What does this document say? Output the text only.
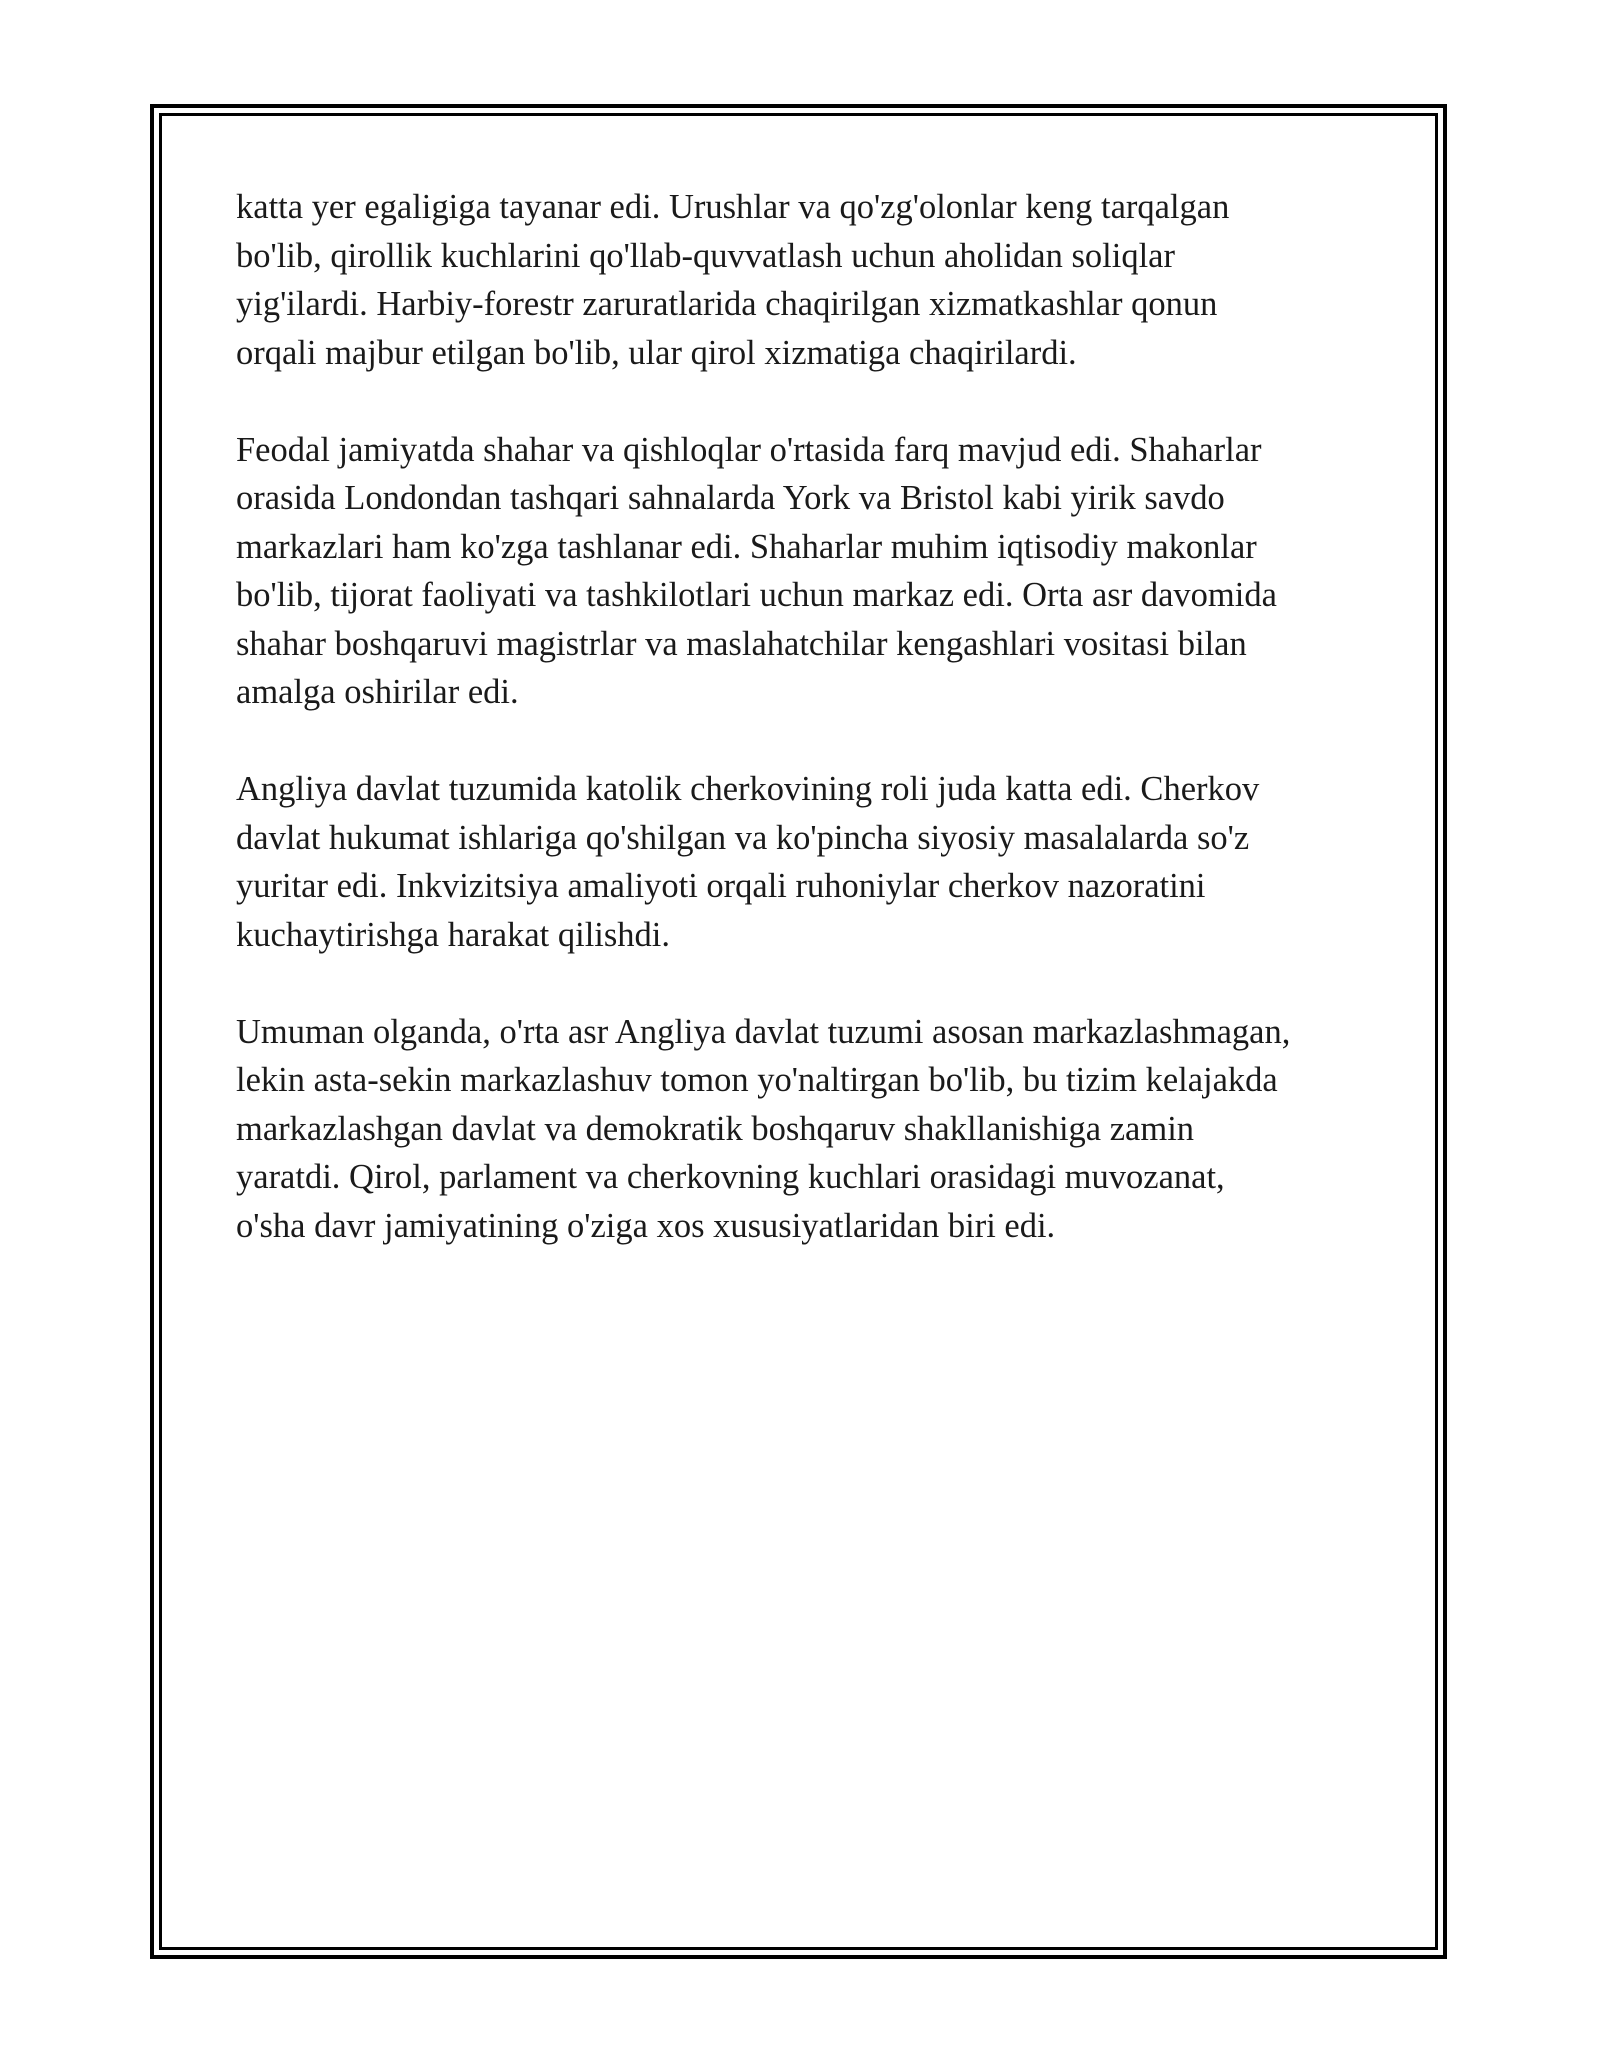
katta yer egaligiga tayanar edi. Urushlar va qo'zg'olonlar keng tarqalgan
bo'lib, qirollik kuchlarini qo'llab-quvvatlash uchun aholidan soliqlar
yig'ilardi. Harbiy-forestr zaruratlarida chaqirilgan xizmatkashlar qonun
orqali majbur etilgan bo'lib, ular qirol xizmatiga chaqirilardi.

Feodal jamiyatda shahar va qishloqlar o'rtasida farq mavjud edi. Shaharlar
orasida Londondan tashqari sahnalarda York va Bristol kabi yirik savdo
markazlari ham ko'zga tashlanar edi. Shaharlar muhim iqtisodiy makonlar
bo'lib, tijorat faoliyati va tashkilotlari uchun markaz edi. Orta asr davomida
shahar boshqaruvi magistrlar va maslahatchilar kengashlari vositasi bilan
amalga oshirilar edi.

Angliya davlat tuzumida katolik cherkovining roli juda katta edi. Cherkov
davlat hukumat ishlariga qo'shilgan va ko'pincha siyosiy masalalarda so'z
yuritar edi. Inkvizitsiya amaliyoti orqali ruhoniylar cherkov nazoratini
kuchaytirishga harakat qilishdi.

Umuman olganda, o'rta asr Angliya davlat tuzumi asosan markazlashmagan,
lekin asta-sekin markazlashuv tomon yo'naltirgan bo'lib, bu tizim kelajakda
markazlashgan davlat va demokratik boshqaruv shakllanishiga zamin
yaratdi. Qirol, parlament va cherkovning kuchlari orasidagi muvozanat,
o'sha davr jamiyatining o'ziga xos xususiyatlaridan biri edi.
